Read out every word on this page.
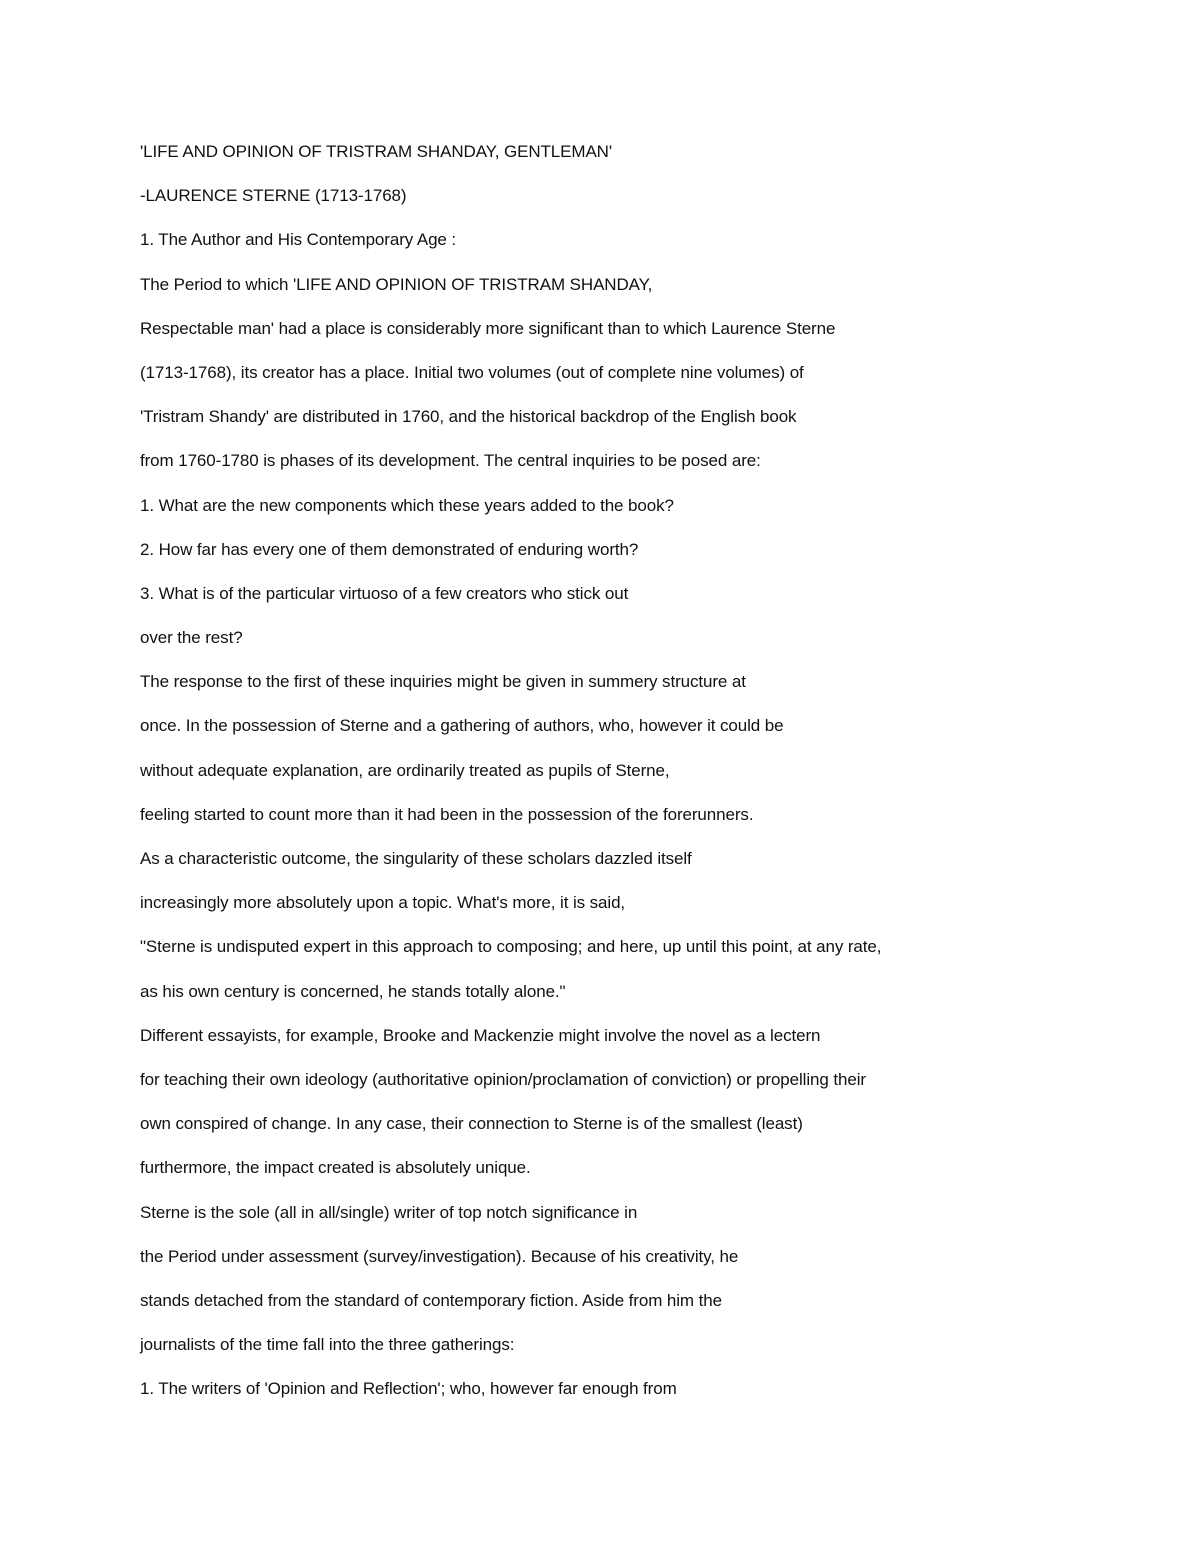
'LIFE AND OPINION OF TRISTRAM SHANDAY, GENTLEMAN'
-LAURENCE STERNE (1713-1768)
1. The Author and His Contemporary Age :
The Period to which 'LIFE AND OPINION OF TRISTRAM SHANDAY,
Respectable man' had a place is considerably more significant than to which Laurence Sterne
(1713-1768), its creator has a place. Initial two volumes (out of complete nine volumes) of
'Tristram Shandy' are distributed in 1760, and the historical backdrop of the English book
from 1760-1780 is phases of its development. The central inquiries to be posed are:
1. What are the new components which these years added to the book?
2. How far has every one of them demonstrated of enduring worth?
3. What is of the particular virtuoso of a few creators who stick out
over the rest?
The response to the first of these inquiries might be given in summery structure at
once. In the possession of Sterne and a gathering of authors, who, however it could be
without adequate explanation, are ordinarily treated as pupils of Sterne,
feeling started to count more than it had been in the possession of the forerunners.
As a characteristic outcome, the singularity of these scholars dazzled itself
increasingly more absolutely upon a topic. What's more, it is said,
"Sterne is undisputed expert in this approach to composing; and here, up until this point, at any rate,
as his own century is concerned, he stands totally alone."
Different essayists, for example, Brooke and Mackenzie might involve the novel as a lectern
for teaching their own ideology (authoritative opinion/proclamation of conviction) or propelling their
own conspired of change. In any case, their connection to Sterne is of the smallest (least)
furthermore, the impact created is absolutely unique.
Sterne is the sole (all in all/single) writer of top notch significance in
the Period under assessment (survey/investigation). Because of his creativity, he
stands detached from the standard of contemporary fiction. Aside from him the
journalists of the time fall into the three gatherings:
1. The writers of 'Opinion and Reflection'; who, however far enough from
